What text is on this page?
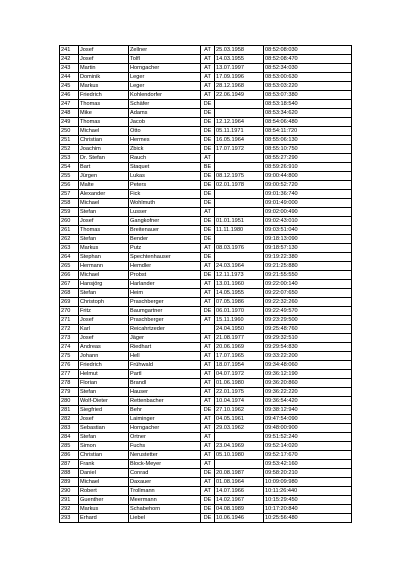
241	Josef	Zellner	AT	25.03.1958	08:52:08:030
242	Josef	Tolfl	AT	14.03.1955	08:52:08:470
243	Martin	Horngacher	AT	13.07.1997	08:52:34:030
244	Dominik	Leger	AT	17.09.1996	08:53:00:630
245	Markus	Leger	AT	28.12.1968	08:53:03:220
246	Friedrich	Kohlendorfer	AT	22.06.1949	08:53:07:380
247	Thomas	Schäfer	DE		08:53:18:540
248	Mike	Adams	DE		08:53:34:620
249	Thomas	Jacob	DE	12.12.1964	08:54:06:480
250	Michael	Otto	DE	05.11.1971	08:54:11:720
251	Christian	Hermes	DE	16.05.1964	08:55:06:130
252	Joachim	Zbick	DE	17.07.1972	08:55:10:750
253	Dr. Stefan	Rauch	AT		08:55:27:290
254	Bart	Staquet	BE		08:59:26:910
255	Jürgen	Lukas	DE	08.12.1975	09:00:44:800
256	Malte	Peters	DE	02.01.1978	09:00:52:720
257	Alexander	Fick	DE		09:01:36:740
258	Michael	Wohlmuth	DE		09:01:49:000
259	Stefan	Lusser	AT		09:02:00:490
260	Josef	Gangkofner	DE	01.01.1951	09:02:43:010
261	Thomas	Breitenauer	DE	11.11.1980	09:03:51:040
262	Stefan	Bender	DE		09:18:13:090
263	Markus	Putz	AT	08.03.1976	09:18:57:130
264	Stephan	Spechtenhauser	DE		09:19:22:380
265	Hermann	Hemdler	AT	24.03.1964	09:21:25:880
266	Michael	Probst	DE	12.11.1973	09:21:55:550
267	Hansjörg	Harlander	AT	13.01.1960	09:22:00:140
268	Stefan	Heim	AT	14.05.1955	09:22:07:650
269	Christoph	Praschberger	AT	07.05.1986	09:22:32:260
270	Fritz	Baumgartner	DE	06.01.1970	09:22:49:570
271	Josef	Praschberger	AT	15.11.1960	09:23:29:500
272	Karl	Reicahrtzeder		24.04.1950	09:25:48:760
273	Josef	Jäger	AT	21.08.1977	09:29:32:510
274	Andreas	Riedhart	AT	20.06.1969	09:29:54:830
275	Johann	Hell	AT	17.07.1965	09:33:22:200
276	Friedrich	Frühwald	AT	18.07.1954	09:34:48:060
277	Helmut	Partl	AT	04.07.1972	09:36:12:190
278	Florian	Brandl	AT	01.06.1980	09:36:20:860
279	Stefan	Hauser	AT	22.01.1975	09:36:22:220
280	Wolf-Dieter	Rettenbacher	AT	10.04.1974	09:36:54:420
281	Siegfried	Behr	DE	27.10.1962	09:38:12:940
282	Josef	Laiminger	AT	04.05.1961	09:47:54:090
283	Sebastian	Horngacher	AT	29.03.1962	09:48:00:900
284	Stefan	Ortner	AT		09:51:52:240
285	Simon	Fuchs	AT	23.04.1969	09:52:14:020
286	Christian	Nerustetter	AT	05.10.1980	09:52:17:670
287	Frank	Block-Meyer	AT		09:53:42:160
288	Daniel	Conrad	DE	20.08.1987	09:58:20:210
289	Michael	Daxauer	AT	01.08.1964	10:09:09:980
290	Robert	Trollmann	AT	14.07.1966	10:11:26:440
291	Guenther	Meermann	DE	14.02.1967	10:15:29:450
292	Markus	Schabehorn	DE	04.08.1989	10:17:20:840
293	Erhard	Liebel	DE	10.06.1946	10:25:56:480
